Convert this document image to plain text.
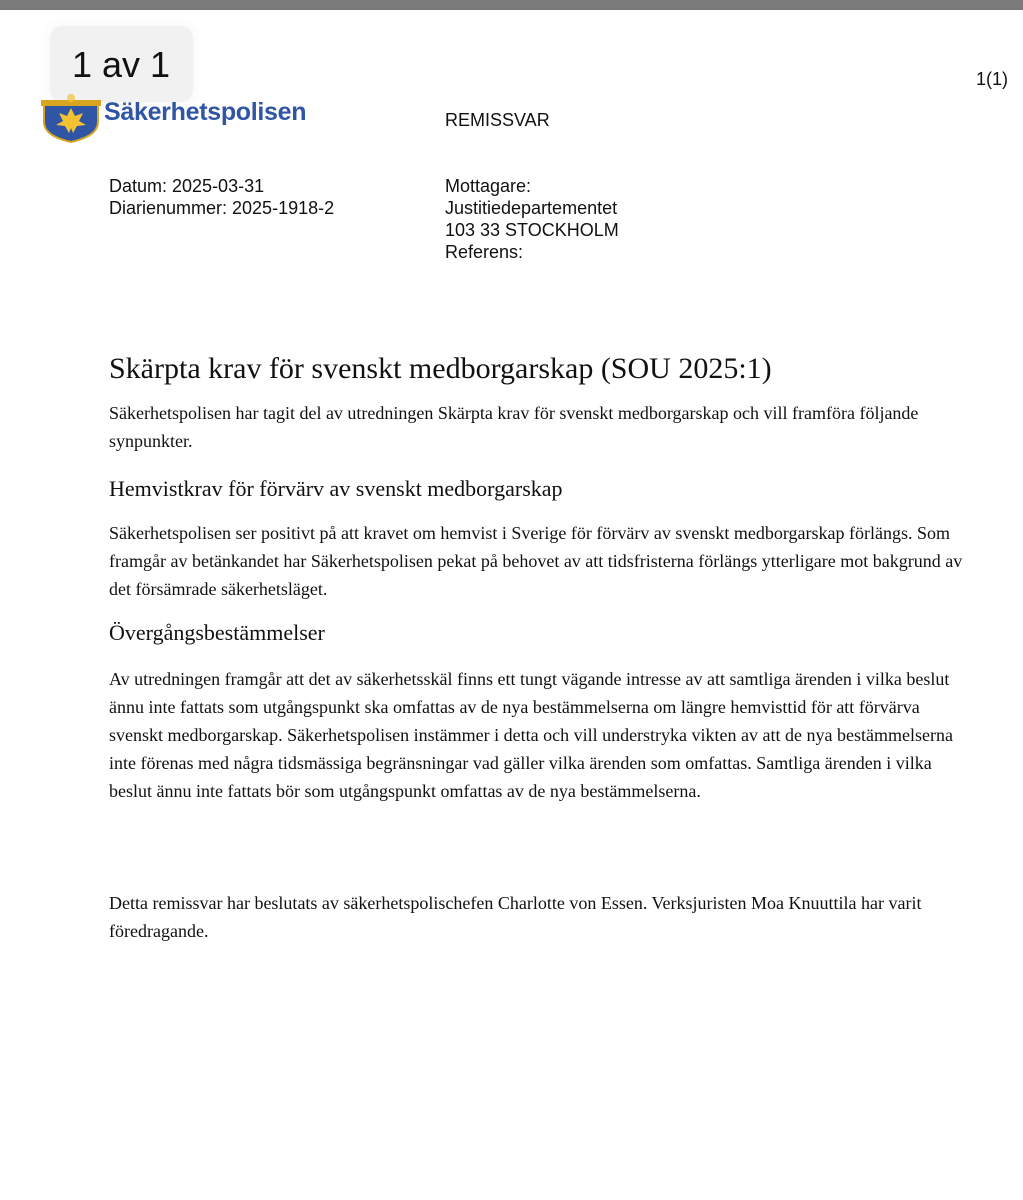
1 av 1	1(1)
Säkerhetspolisen	REMISSVAR
Datum: 2025-03-31
Diarienummer: 2025-1918-2
Mottagare:
Justitiedepartementet
103 33 STOCKHOLM
Referens:
Skärpta krav för svenskt medborgarskap (SOU 2025:1)

Säkerhetspolisen har tagit del av utredningen Skärpta krav för svenskt medborgarskap och vill framföra följande synpunkter.

Hemvistkrav för förvärv av svenskt medborgarskap

Säkerhetspolisen ser positivt på att kravet om hemvist i Sverige för förvärv av svenskt medborgarskap förlängs. Som framgår av betänkandet har Säkerhetspolisen pekat på behovet av att tidsfristerna förlängs ytterligare mot bakgrund av det försämrade säkerhetsläget.

Övergångsbestämmelser

Av utredningen framgår att det av säkerhetsskäl finns ett tungt vägande intresse av att samtliga ärenden i vilka beslut ännu inte fattats som utgångspunkt ska omfattas av de nya bestämmelserna om längre hemvisttid för att förvärva svenskt medborgarskap. Säkerhetspolisen instämmer i detta och vill understryka vikten av att de nya bestämmelserna inte förenas med några tidsmässiga begränsningar vad gäller vilka ärenden som omfattas. Samtliga ärenden i vilka beslut ännu inte fattats bör som utgångspunkt omfattas av de nya bestämmelserna.

Detta remissvar har beslutats av säkerhetspolischefen Charlotte von Essen. Verksjuristen Moa Knuuttila har varit föredragande.
